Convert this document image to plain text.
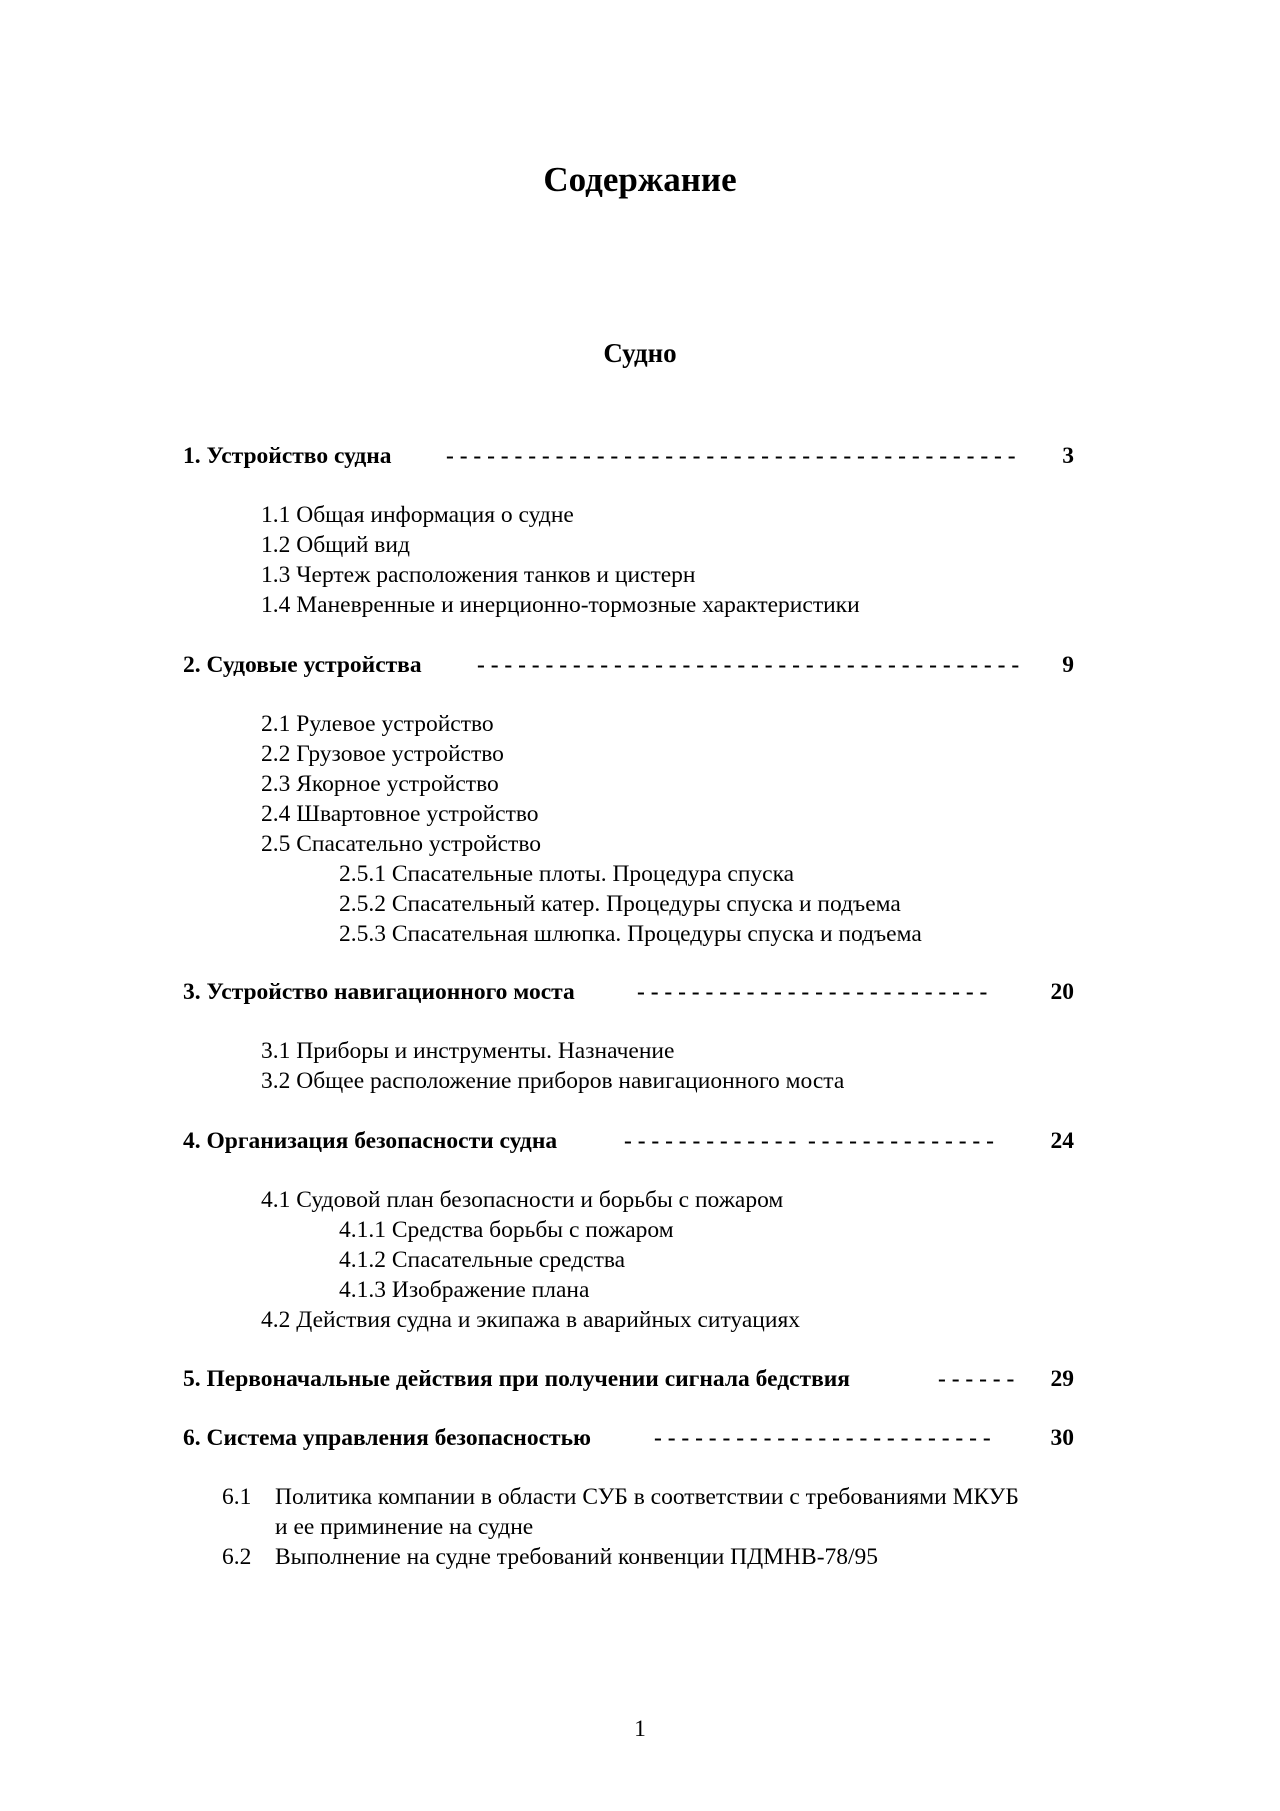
Содержание
Судно
1. Устройство судна - - - - - - - - - - - - - - - - - - - - - - - - - - - - - - - - - - - - - - - - - -	3
1.1 Общая информация о судне
1.2 Общий вид
1.3 Чертеж расположения танков и цистерн
1.4 Маневренные и инерционно-тормозные характеристики
2. Судовые устройства - - - - - - - - - - - - - - - - - - - - - - - - - - - - - - - - - - - - - - - -	9
2.1 Рулевое устройство
2.2 Грузовое устройство
2.3 Якорное устройство
2.4 Швартовное устройство
2.5 Спасательно устройство
2.5.1 Спасательные плоты. Процедура спуска
2.5.2 Спасательный катер. Процедуры спуска и подъема
2.5.3 Спасательная шлюпка. Процедуры спуска и подъема
3. Устройство навигационного моста	- - - - - - - - - - - - - - - - - - - - - - - - - -	20
3.1 Приборы и инструменты. Назначение
3.2 Общее расположение приборов навигационного моста
4. Организация безопасности судна	- - - - - - - - - - - - -  - - - - - - - - - - - - - -	24
4.1 Судовой план безопасности и борьбы с пожаром
4.1.1 Средства борьбы с пожаром
4.1.2 Спасательные средства
4.1.3 Изображение плана
4.2 Действия судна и экипажа в аварийных ситуациях
5. Первоначальные действия при получении сигнала бедствия	- - - - - -	29
6. Система управления безопасностью	- - - - - - - - - - - - - - - - - - - - - - - - -	30
6.1 Политика компании в области СУБ в соответствии с требованиями МКУБ
и ее приминение на судне
6.2 Выполнение на судне требований конвенции ПДМНВ-78/95
1
